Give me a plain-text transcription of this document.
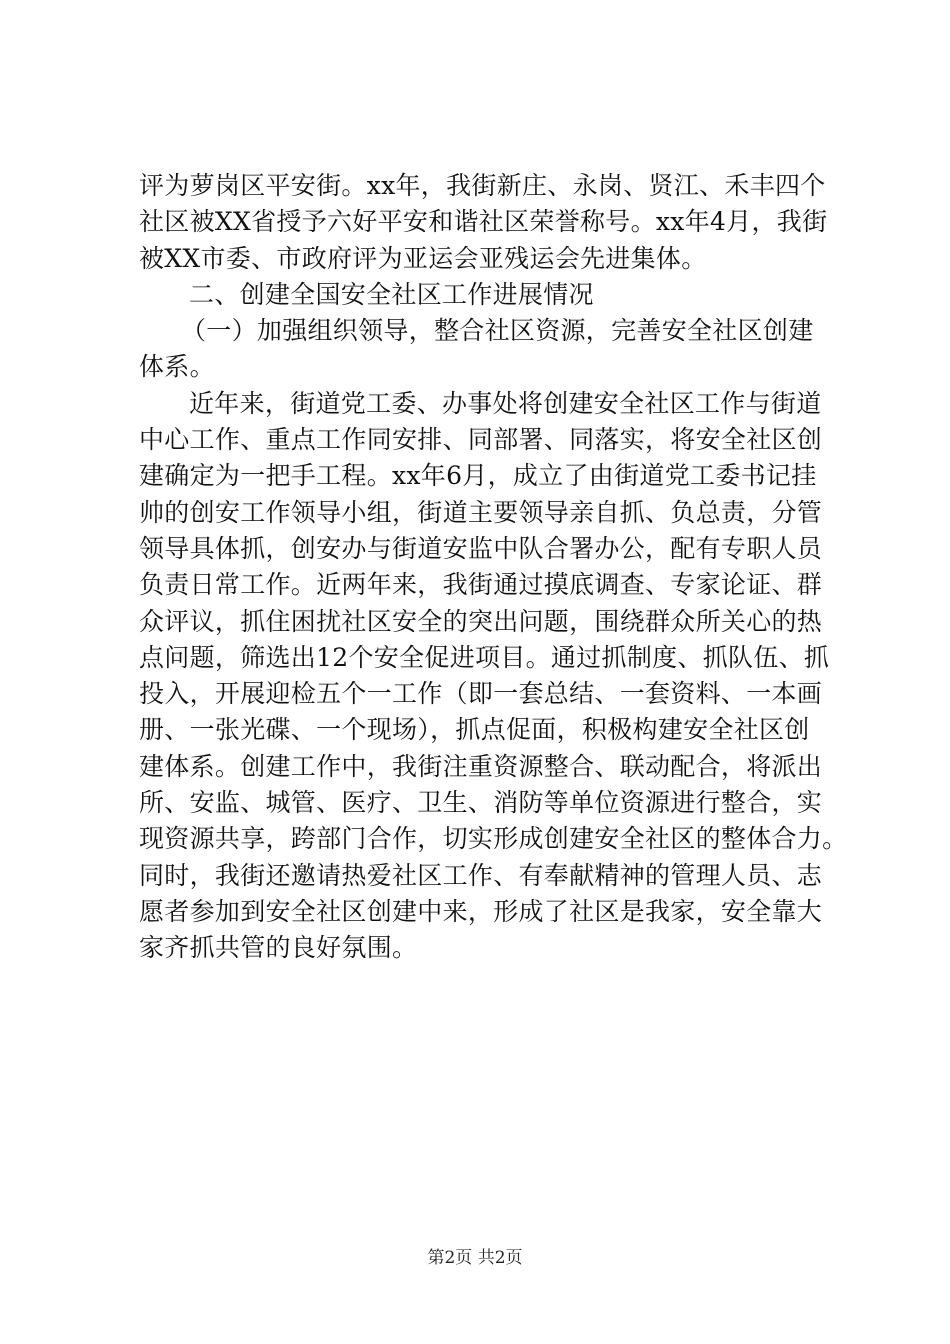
评为萝岗区平安街。xx年，我街新庄、永岗、贤江、禾丰四个
社区被XX省授予六好平安和谐社区荣誉称号。xx年4月，我街
被XX市委、市政府评为亚运会亚残运会先进集体。
二、创建全国安全社区工作进展情况
（一）加强组织领导，整合社区资源，完善安全社区创建
体系。
近年来，街道党工委、办事处将创建安全社区工作与街道
中心工作、重点工作同安排、同部署、同落实，将安全社区创
建确定为一把手工程。xx年6月，成立了由街道党工委书记挂
帅的创安工作领导小组，街道主要领导亲自抓、负总责，分管
领导具体抓，创安办与街道安监中队合署办公，配有专职人员
负责日常工作。近两年来，我街通过摸底调查、专家论证、群
众评议，抓住困扰社区安全的突出问题，围绕群众所关心的热
点问题，筛选出12个安全促进项目。通过抓制度、抓队伍、抓
投入，开展迎检五个一工作（即一套总结、一套资料、一本画
册、一张光碟、一个现场），抓点促面，积极构建安全社区创
建体系。创建工作中，我街注重资源整合、联动配合，将派出
所、安监、城管、医疗、卫生、消防等单位资源进行整合，实
现资源共享，跨部门合作，切实形成创建安全社区的整体合力。
同时，我街还邀请热爱社区工作、有奉献精神的管理人员、志
愿者参加到安全社区创建中来，形成了社区是我家，安全靠大
家齐抓共管的良好氛围。
第2页 共2页
